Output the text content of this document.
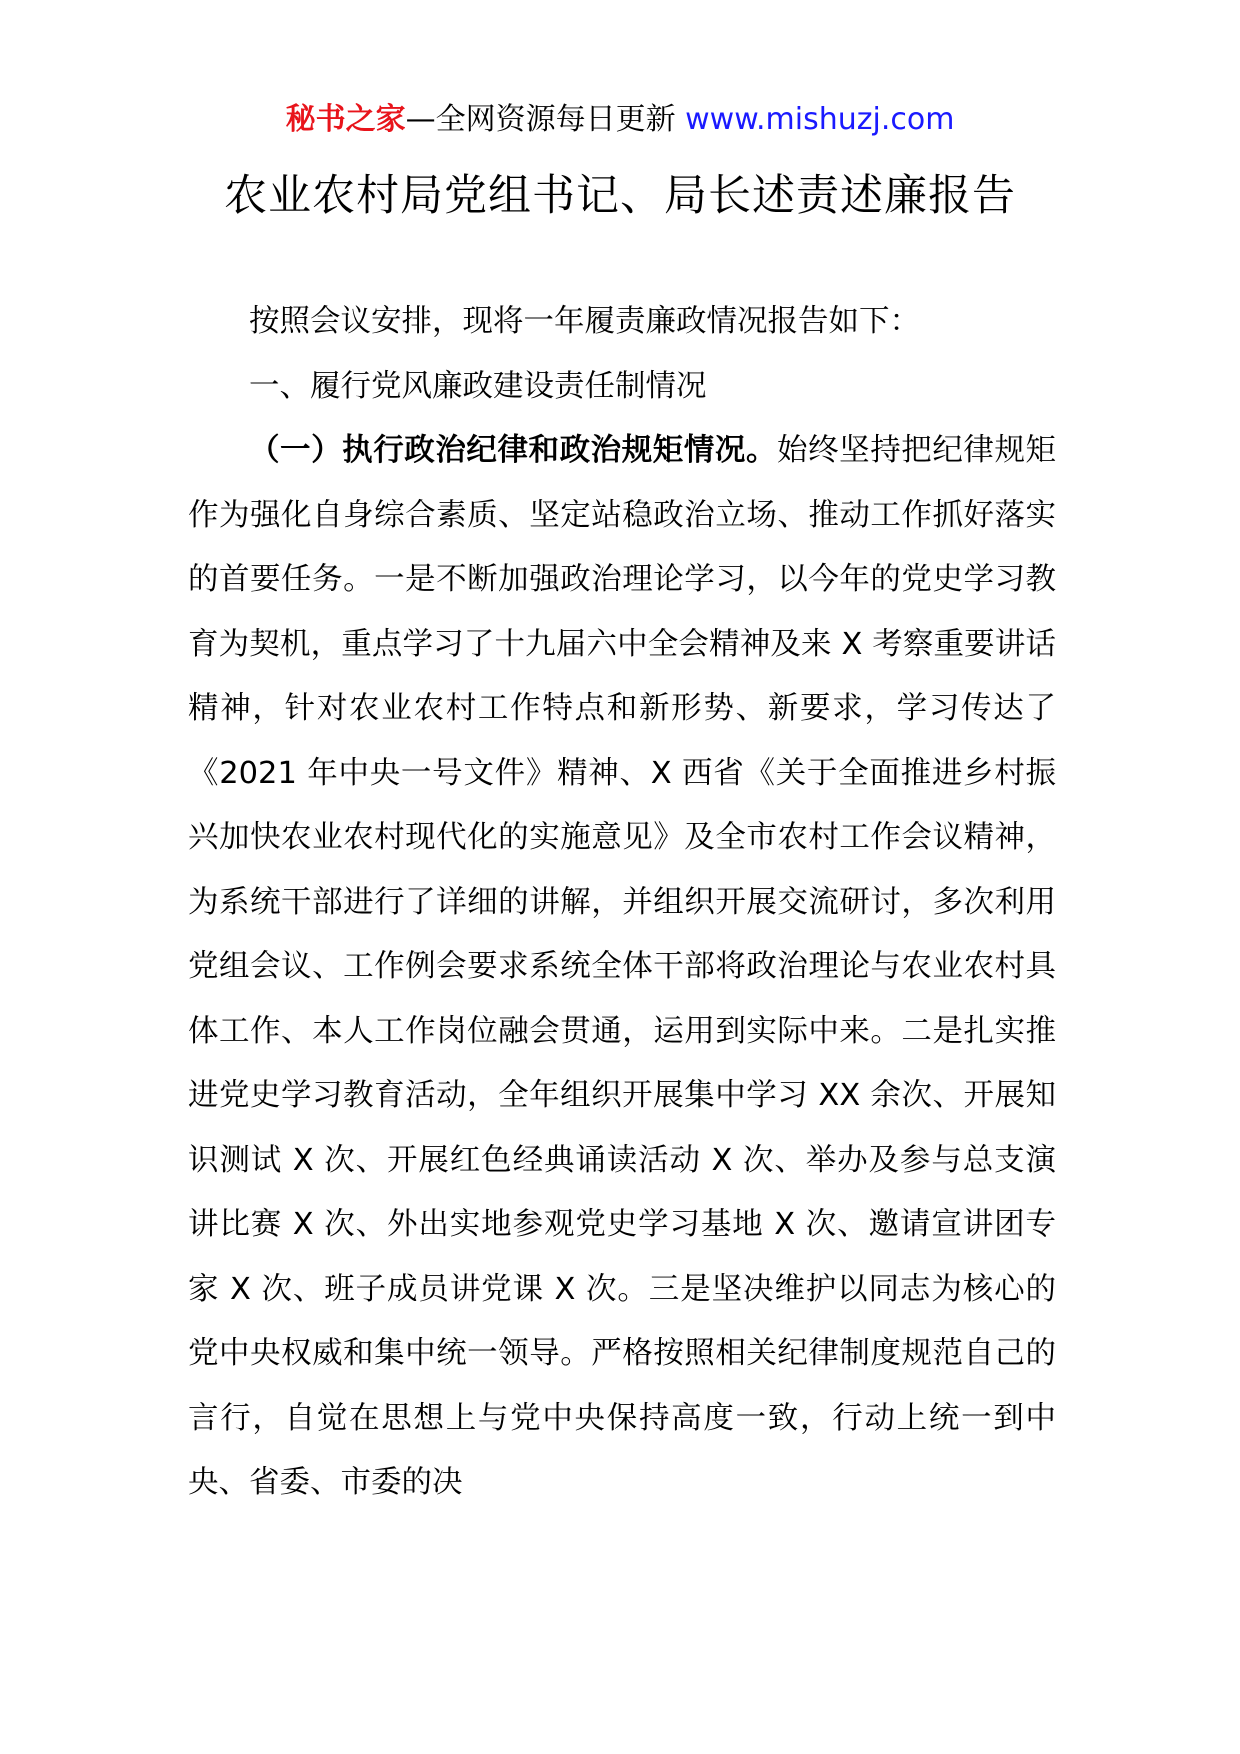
秘书之家—全网资源每日更新 www.mishuzj.com
农业农村局党组书记、局长述责述廉报告

按照会议安排，现将一年履责廉政情况报告如下：

一、履行党风廉政建设责任制情况

（一）执行政治纪律和政治规矩情况。始终坚持把纪律规矩作为强化自身综合素质、坚定站稳政治立场、推动工作抓好落实的首要任务。一是不断加强政治理论学习，以今年的党史学习教育为契机，重点学习了十九届六中全会精神及来 X 考察重要讲话精神，针对农业农村工作特点和新形势、新要求，学习传达了《2021 年中央一号文件》精神、X 西省《关于全面推进乡村振兴加快农业农村现代化的实施意见》及全市农村工作会议精神，为系统干部进行了详细的讲解，并组织开展交流研讨，多次利用党组会议、工作例会要求系统全体干部将政治理论与农业农村具体工作、本人工作岗位融会贯通，运用到实际中来。二是扎实推进党史学习教育活动，全年组织开展集中学习 XX 余次、开展知识测试 X 次、开展红色经典诵读活动 X 次、举办及参与总支演讲比赛 X 次、外出实地参观党史学习基地 X 次、邀请宣讲团专家 X 次、班子成员讲党课 X 次。三是坚决维护以同志为核心的党中央权威和集中统一领导。严格按照相关纪律制度规范自己的言行，自觉在思想上与党中央保持高度一致，行动上统一到中央、省委、市委的决
